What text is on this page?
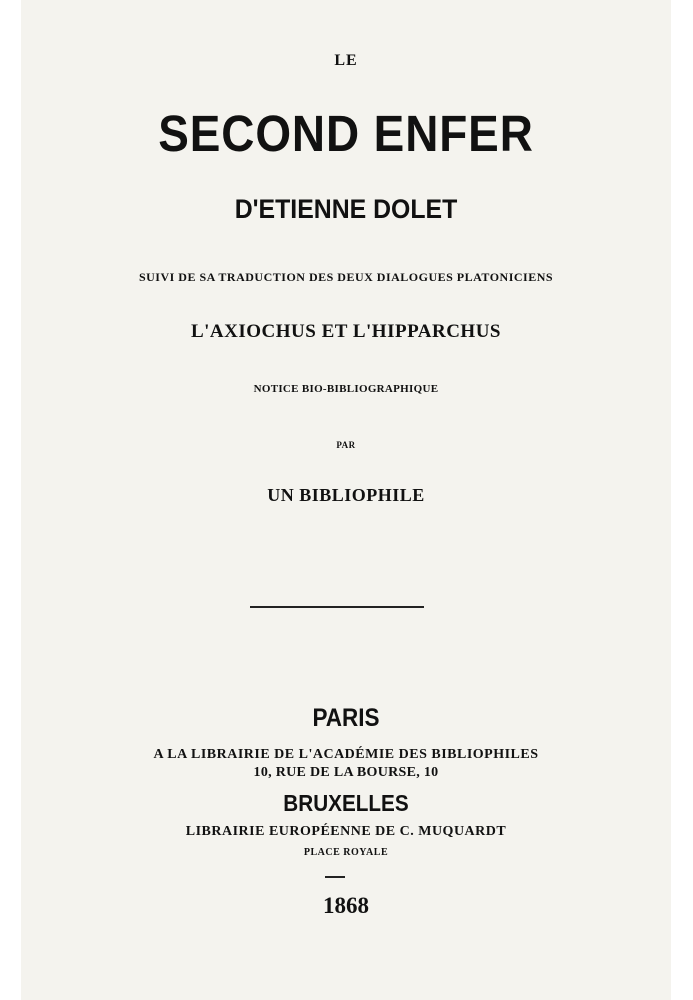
LE
SECOND ENFER
D'ETIENNE DOLET
SUIVI DE SA TRADUCTION DES DEUX DIALOGUES PLATONICIENS
L'AXIOCHUS ET L'HIPPARCHUS
NOTICE BIO-BIBLIOGRAPHIQUE
PAR
UN BIBLIOPHILE
PARIS
A LA LIBRAIRIE DE L'ACADÉMIE DES BIBLIOPHILES
10, RUE DE LA BOURSE, 10
BRUXELLES
LIBRAIRIE EUROPÉENNE DE C. MUQUARDT
PLACE ROYALE
1868
